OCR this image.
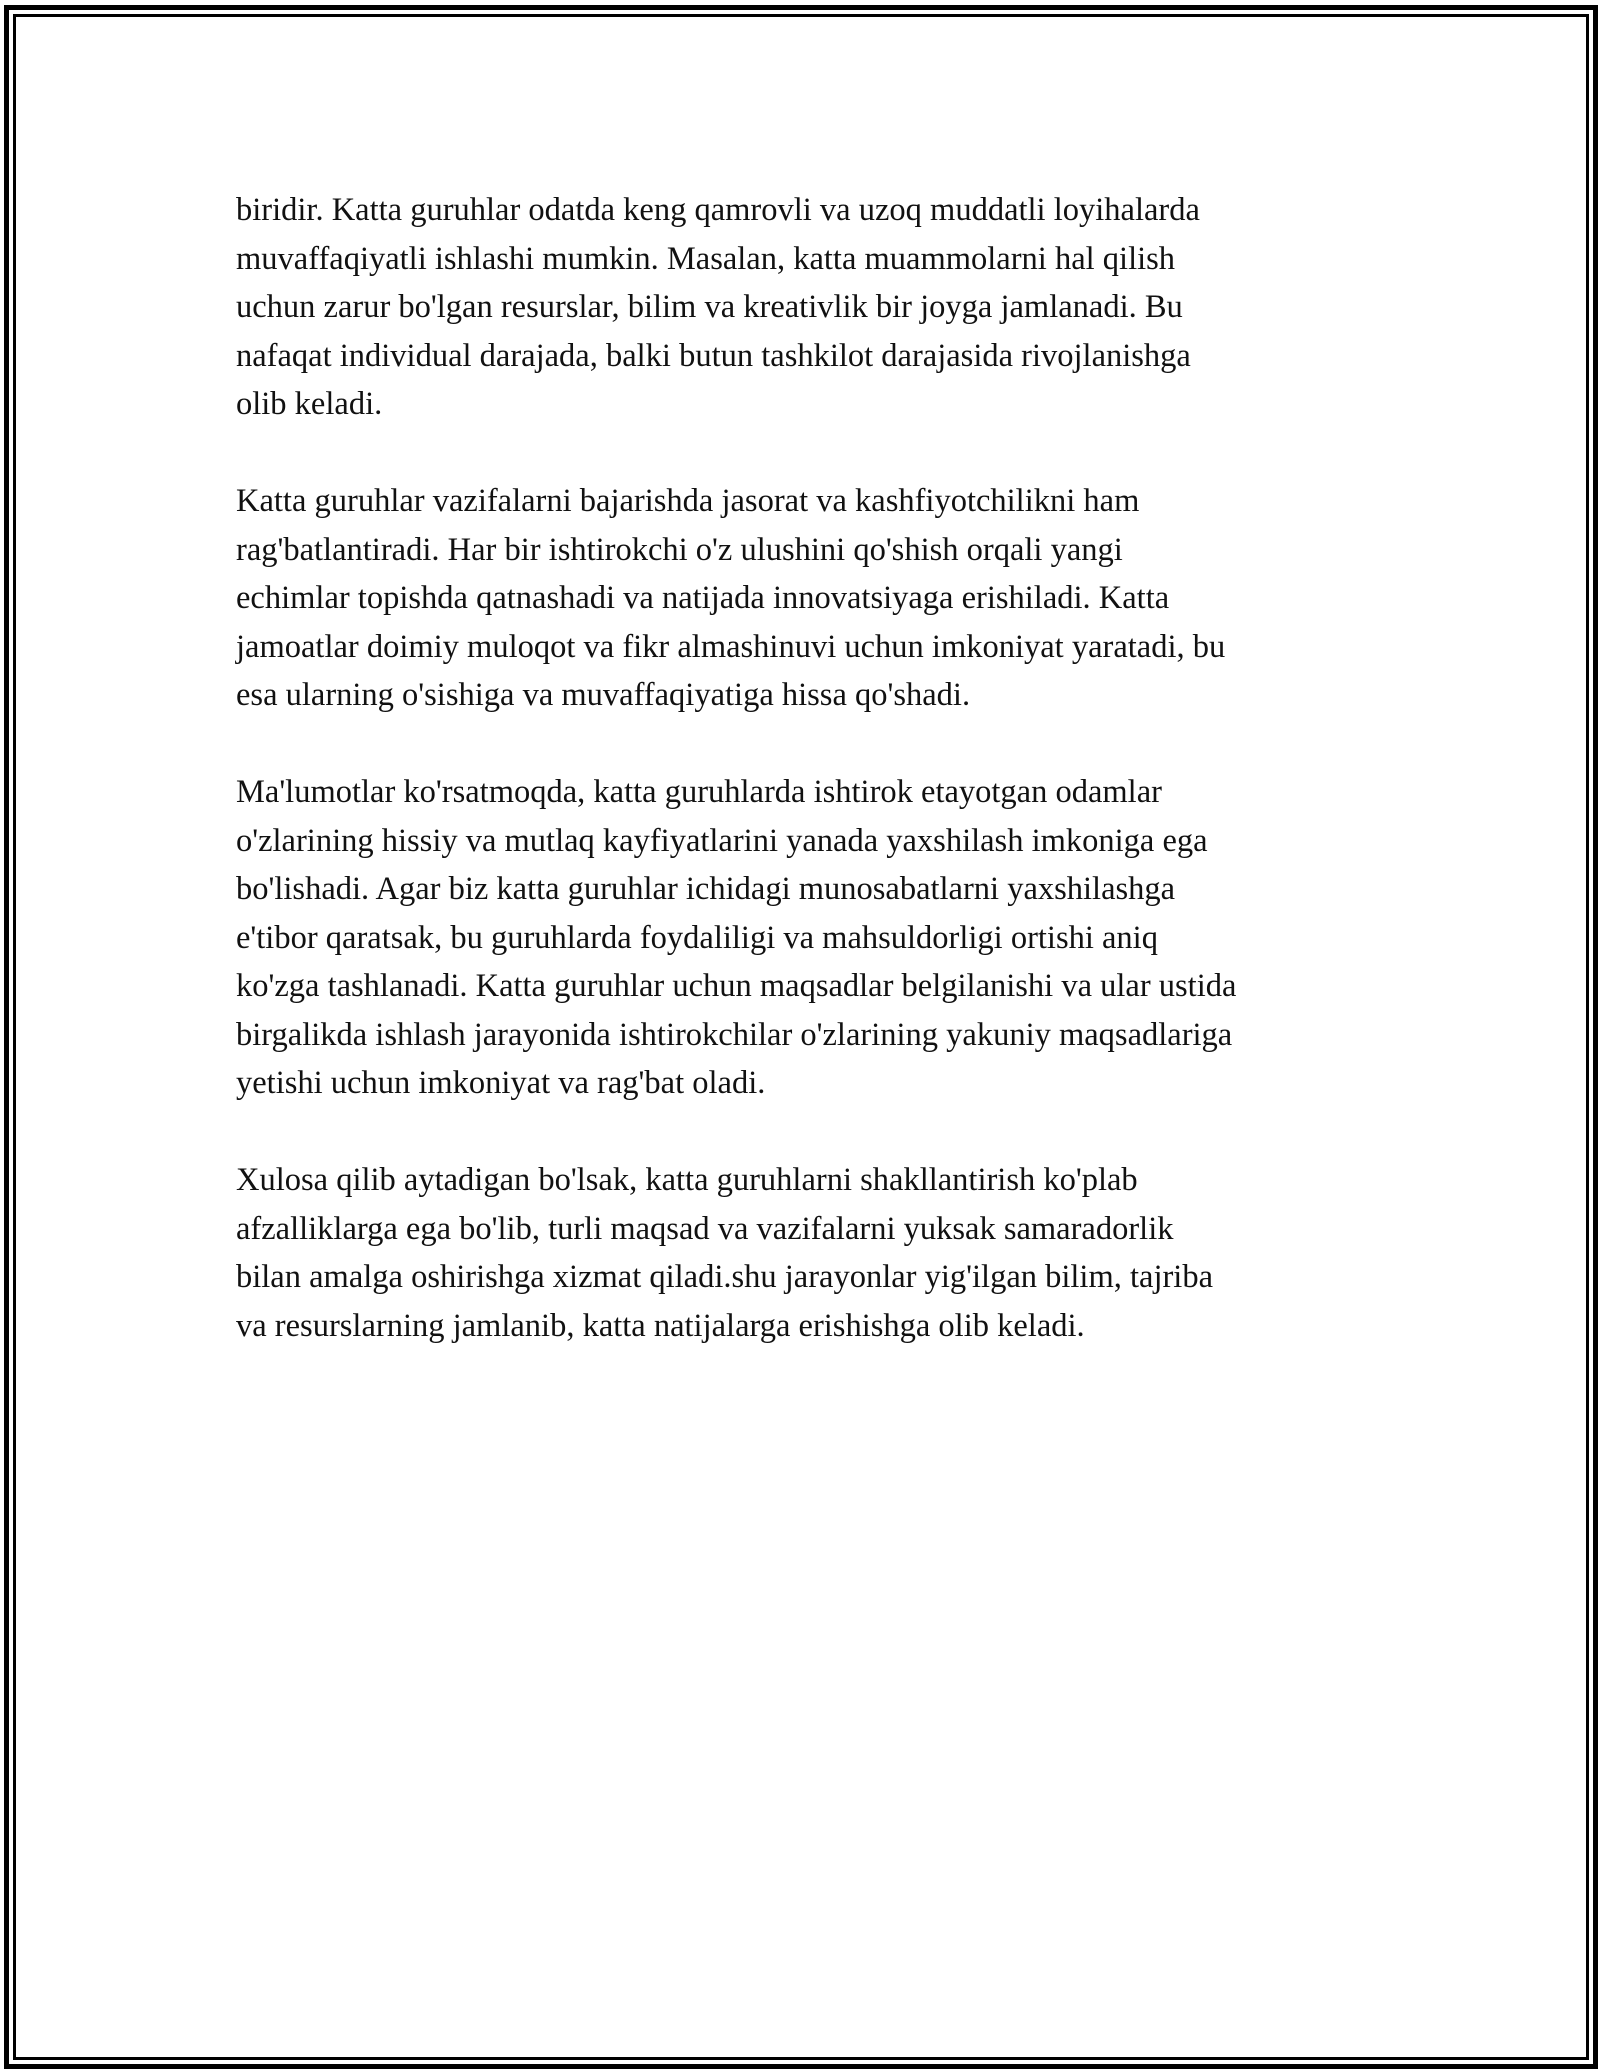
biridir. Katta guruhlar odatda keng qamrovli va uzoq muddatli loyihalarda
muvaffaqiyatli ishlashi mumkin. Masalan, katta muammolarni hal qilish
uchun zarur bo'lgan resurslar, bilim va kreativlik bir joyga jamlanadi. Bu
nafaqat individual darajada, balki butun tashkilot darajasida rivojlanishga
olib keladi.

Katta guruhlar vazifalarni bajarishda jasorat va kashfiyotchilikni ham
rag'batlantiradi. Har bir ishtirokchi o'z ulushini qo'shish orqali yangi
echimlar topishda qatnashadi va natijada innovatsiyaga erishiladi. Katta
jamoatlar doimiy muloqot va fikr almashinuvi uchun imkoniyat yaratadi, bu
esa ularning o'sishiga va muvaffaqiyatiga hissa qo'shadi.

Ma'lumotlar ko'rsatmoqda, katta guruhlarda ishtirok etayotgan odamlar
o'zlarining hissiy va mutlaq kayfiyatlarini yanada yaxshilash imkoniga ega
bo'lishadi. Agar biz katta guruhlar ichidagi munosabatlarni yaxshilashga
e'tibor qaratsak, bu guruhlarda foydaliligi va mahsuldorligi ortishi aniq
ko'zga tashlanadi. Katta guruhlar uchun maqsadlar belgilanishi va ular ustida
birgalikda ishlash jarayonida ishtirokchilar o'zlarining yakuniy maqsadlariga
yetishi uchun imkoniyat va rag'bat oladi.

Xulosa qilib aytadigan bo'lsak, katta guruhlarni shakllantirish ko'plab
afzalliklarga ega bo'lib, turli maqsad va vazifalarni yuksak samaradorlik
bilan amalga oshirishga xizmat qiladi.shu jarayonlar yig'ilgan bilim, tajriba
va resurslarning jamlanib, katta natijalarga erishishga olib keladi.
